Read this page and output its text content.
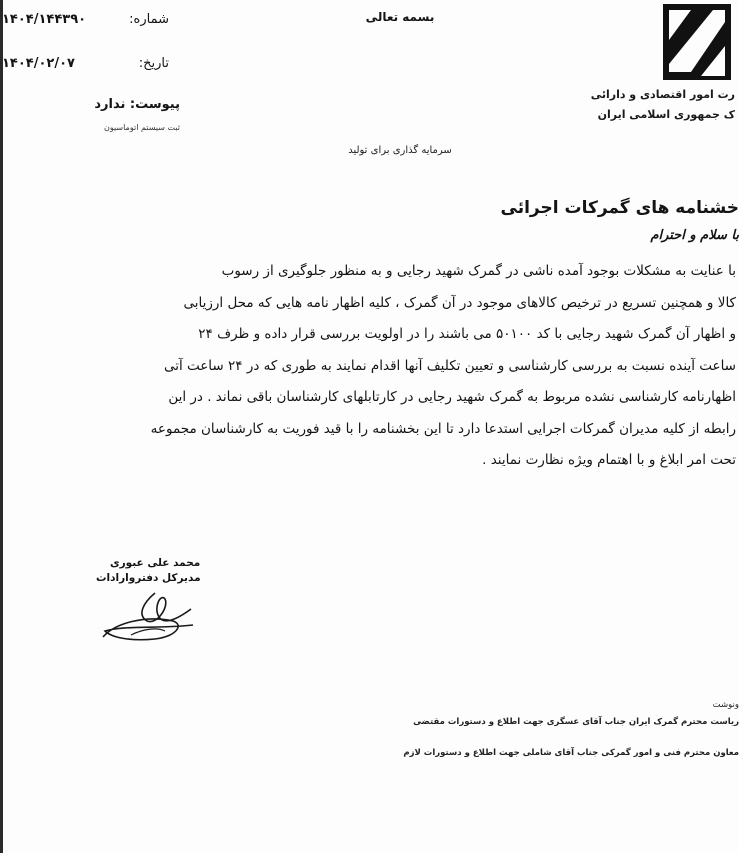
رت امور اقتصادی و دارائی
ک جمهوری اسلامی ایران
بسمه تعالی
سرمایه گذاری برای تولید
شماره:
۱۴۰۴/۱۴۴۳۹۰
تاریخ:
۱۴۰۴/۰۲/۰۷
پیوست: ندارد
ثبت سیستم اتوماسیون
خشنامه های گمرکات اجرائی
با سلام و احترام
با عنایت به مشکلات بوجود آمده ناشی در گمرک شهید رجایی و به منظور جلوگیری از رسوب
کالا و همچنین تسریع در ترخیص کالاهای موجود در آن گمرک ، کلیه اظهار نامه هایی که محل ارزیابی
و اظهار آن گمرک شهید رجایی با کد ۵۰۱۰۰ می باشند را در اولویت بررسی قرار داده و ظرف ۲۴
ساعت آینده نسبت به بررسی کارشناسی و تعیین تکلیف آنها اقدام نمایند به طوری که در ۲۴ ساعت آتی
اظهارنامه کارشناسی نشده مربوط به گمرک شهید رجایی در کارتابلهای کارشناسان باقی نماند . در این
رابطه از کلیه مدیران گمرکات اجرایی استدعا دارد تا این بخشنامه را با قید فوریت به کارشناسان مجموعه
تحت امر ابلاغ و با اهتمام ویژه نظارت نمایند .
محمد علی عبوری
مدیرکل دفتروارادات
ونوشت
ریاست محترم گمرک ایران جناب آقای عسگری جهت اطلاع و دستورات مقتضی
معاون محترم فنی و امور گمرکی جناب آقای شاملی جهت اطلاع و دستورات لازم
